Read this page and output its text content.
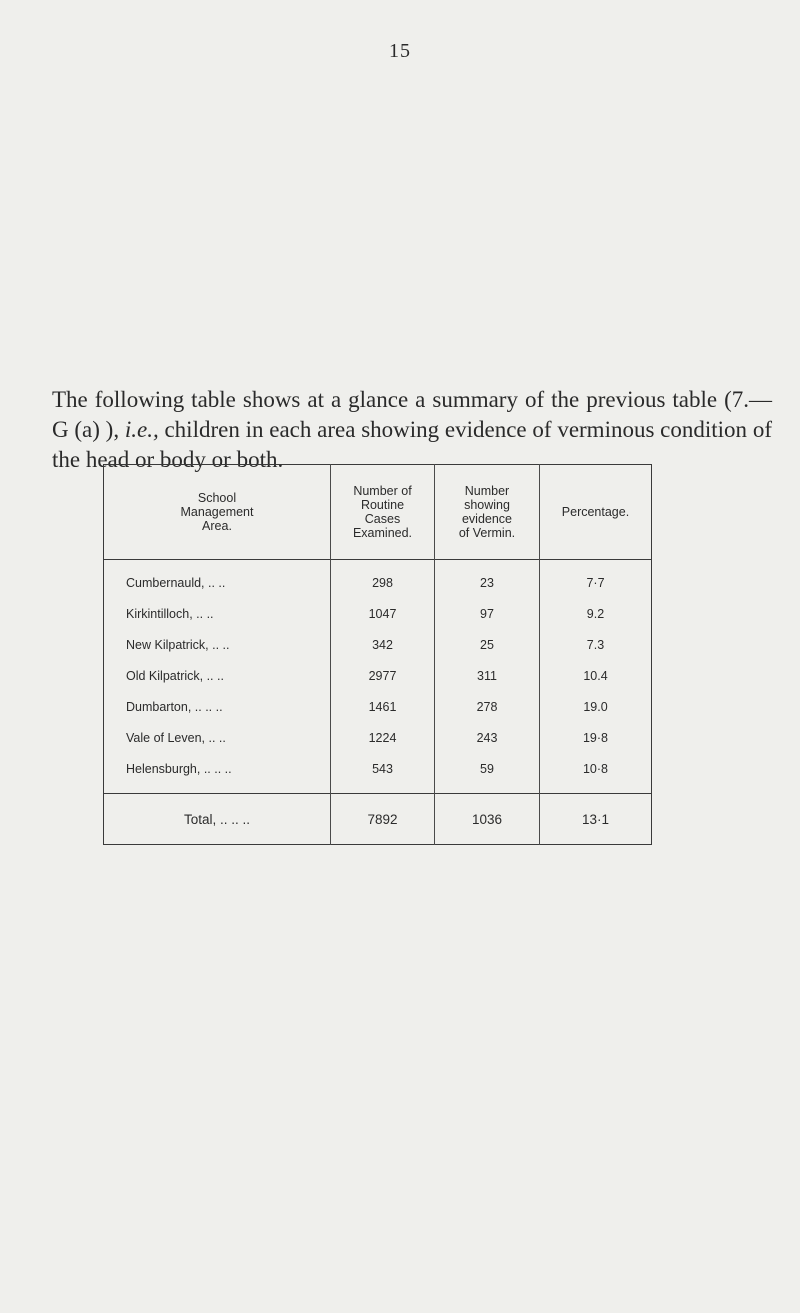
15

The following table shows at a glance a summary of the previous table (7.—G (a) ), i.e., children in each area showing evidence of verminous condition of the head or body or both.

School
Management
Area.	Number of
Routine
Cases
Examined.	Number
showing
evidence
of Vermin.	Percentage.
Cumbernauld, .. ..	298	23	7·7
Kirkintilloch, .. ..	1047	97	9.2
New Kilpatrick, .. ..	342	25	7.3
Old Kilpatrick, .. ..	2977	311	10.4
Dumbarton, .. .. ..	1461	278	19.0
Vale of Leven, .. ..	1224	243	19·8
Helensburgh, .. .. ..	543	59	10·8
Total, .. .. ..	7892	1036	13·1
